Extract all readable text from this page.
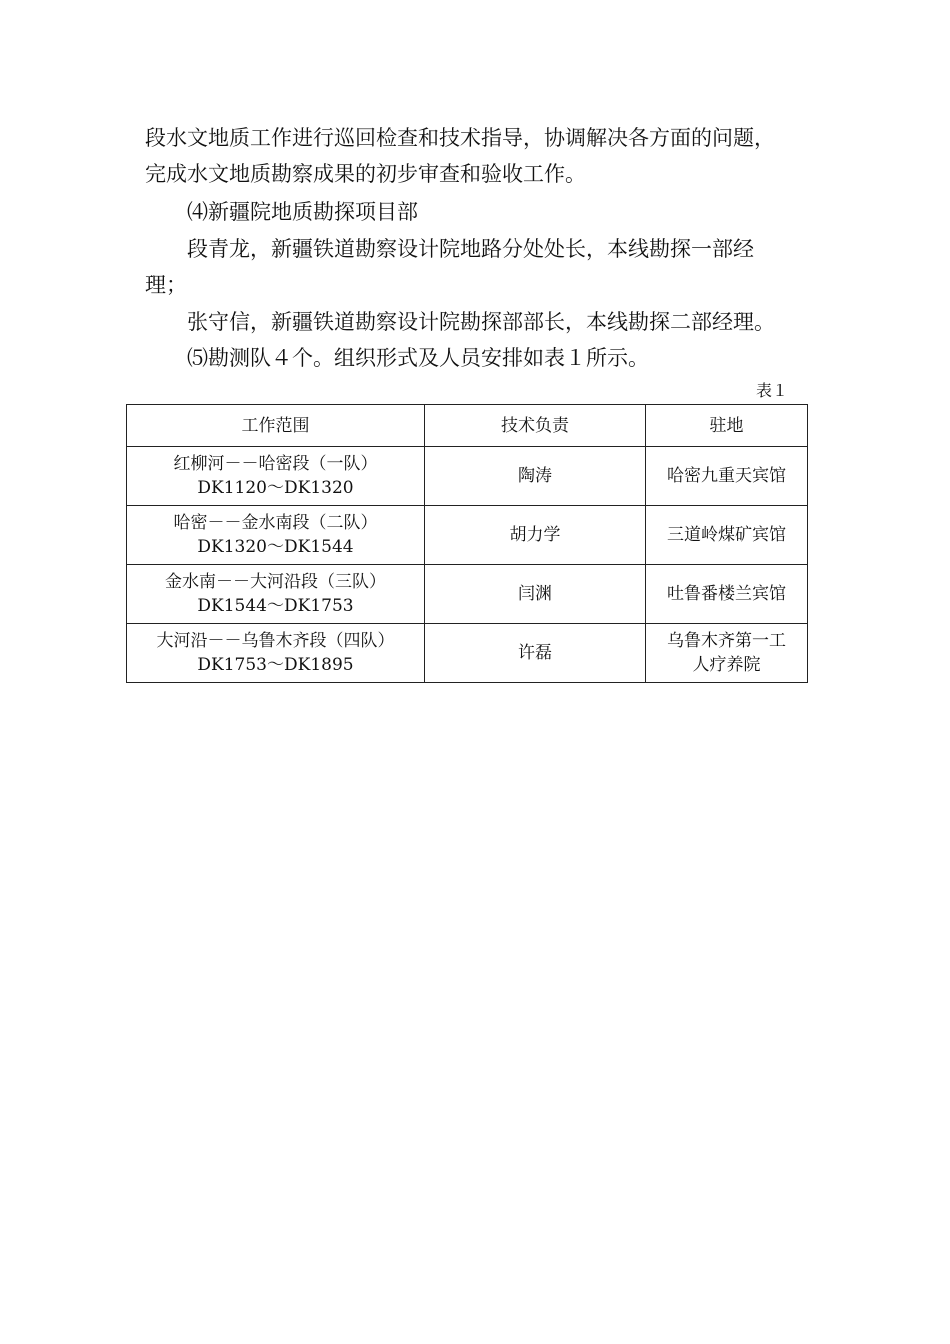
段水文地质工作进行巡回检查和技术指导，协调解决各方面的问题，
完成水文地质勘察成果的初步审查和验收工作。
⑷新疆院地质勘探项目部
段青龙，新疆铁道勘察设计院地路分处处长，本线勘探一部经
理；
张守信，新疆铁道勘察设计院勘探部部长，本线勘探二部经理。
⑸勘测队４个。组织形式及人员安排如表１所示。
表１
工作范围	技术负责	驻地

红柳河－－哈密段（一队）
DK1120～DK1320	陶涛	哈密九重天宾馆

哈密－－金水南段（二队）
DK1320～DK1544	胡力学	三道岭煤矿宾馆

金水南－－大河沿段（三队）
DK1544～DK1753	闫渊	吐鲁番楼兰宾馆

大河沿－－乌鲁木齐段（四队）
DK1753～DK1895	许磊	乌鲁木齐第一工
人疗养院
